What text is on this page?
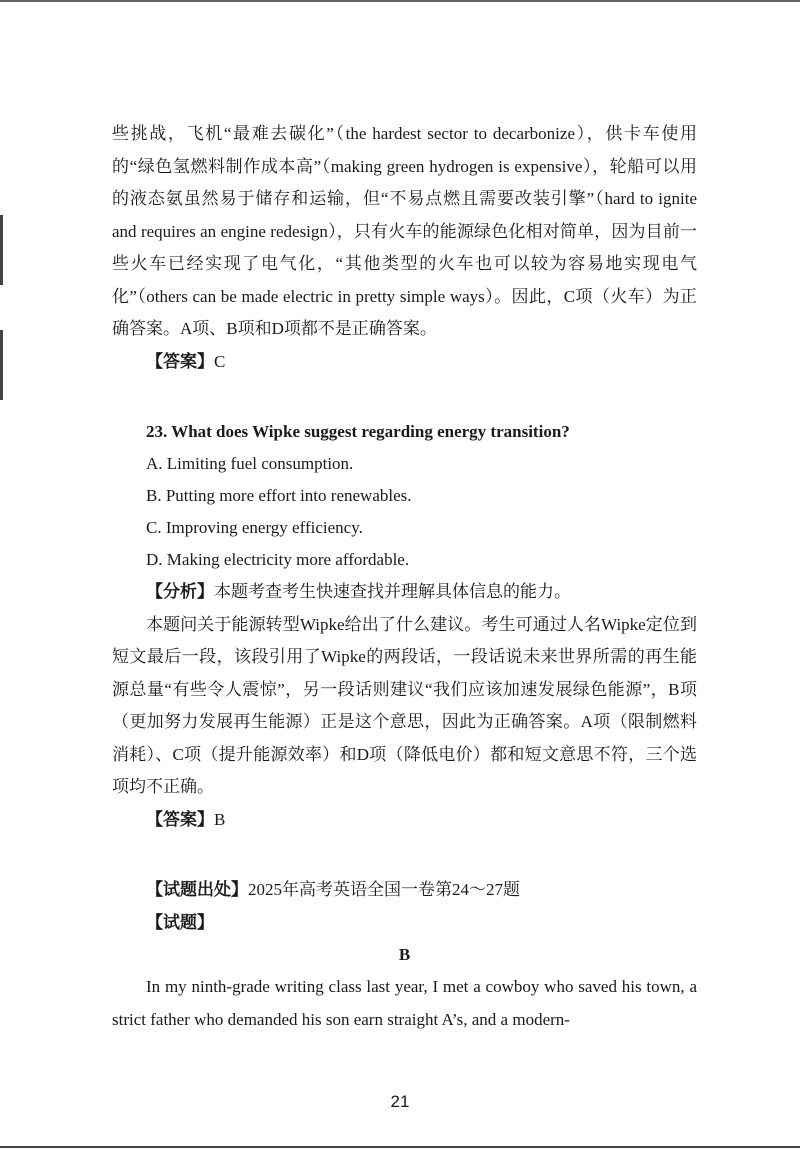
些挑战，飞机“最难去碳化”（the hardest sector to decarbonize），供卡车使用的“绿色氢燃料制作成本高”（making green hydrogen is expensive），轮船可以用的液态氨虽然易于储存和运输，但“不易点燃且需要改装引擎”（hard to ignite and requires an engine redesign），只有火车的能源绿色化相对简单，因为目前一些火车已经实现了电气化，“其他类型的火车也可以较为容易地实现电气化”（others can be made electric in pretty simple ways）。因此，C项（火车）为正确答案。A项、B项和D项都不是正确答案。

【答案】C

23. What does Wipke suggest regarding energy transition?

A. Limiting fuel consumption.

B. Putting more effort into renewables.

C. Improving energy efficiency.

D. Making electricity more affordable.

【分析】本题考查考生快速查找并理解具体信息的能力。

本题问关于能源转型Wipke给出了什么建议。考生可通过人名Wipke定位到短文最后一段，该段引用了Wipke的两段话，一段话说未来世界所需的再生能源总量“有些令人震惊”，另一段话则建议“我们应该加速发展绿色能源”，B项（更加努力发展再生能源）正是这个意思，因此为正确答案。A项（限制燃料消耗）、C项（提升能源效率）和D项（降低电价）都和短文意思不符，三个选项均不正确。

【答案】B

【试题出处】2025年高考英语全国一卷第24～27题

【试题】

B

In my ninth-grade writing class last year, I met a cowboy who saved his town, a strict father who demanded his son earn straight A’s, and a modern-

21
